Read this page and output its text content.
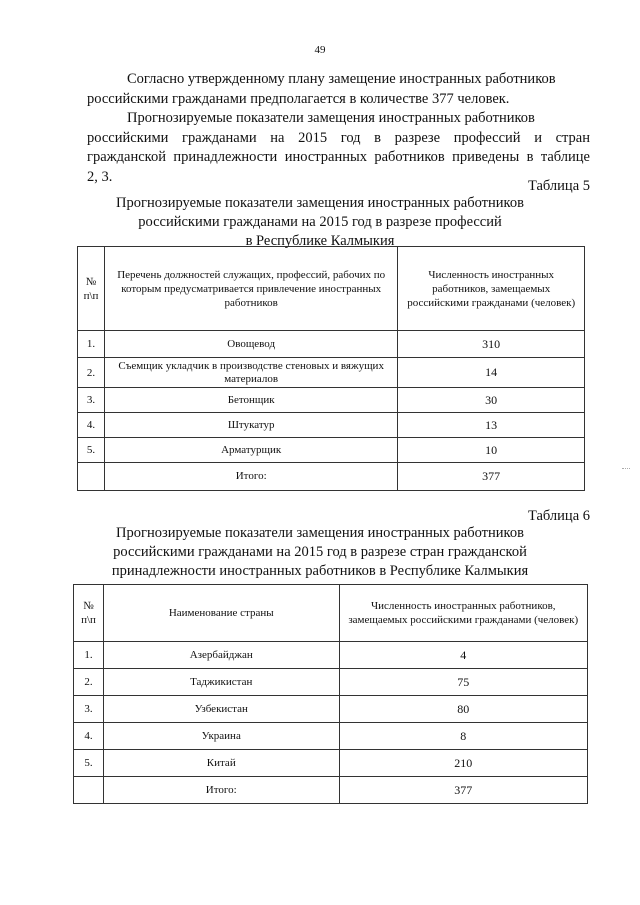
49
Согласно утвержденному плану замещение иностранных работников
российскими гражданами предполагается в количестве 377 человек.
Прогнозируемые показатели замещения иностранных работников
российскими гражданами на 2015 год в разрезе профессий и стран
гражданской принадлежности иностранных работников приведены в таблице
2, 3.
Таблица 5
Прогнозируемые показатели замещения иностранных работников
российскими гражданами на 2015 год в разрезе профессий
в Республике Калмыкия
№ п\п	Перечень должностей служащих, профессий, рабочих по которым предусматривается привлечение иностранных работников	Численность иностранных работников, замещаемых российскими гражданами (человек)
1.	Овощевод	310
2.	Съемщик укладчик в производстве стеновых и вяжущих материалов	14
3.	Бетонщик	30
4.	Штукатур	13
5.	Арматурщик	10
	Итого:	377
Таблица 6
Прогнозируемые показатели замещения иностранных работников
российскими гражданами на 2015 год в разрезе стран гражданской
принадлежности иностранных работников в Республике Калмыкия
№ п\п	Наименование страны	Численность иностранных работников, замещаемых российскими гражданами (человек)
1.	Азербайджан	4
2.	Таджикистан	75
3.	Узбекистан	80
4.	Украина	8
5.	Китай	210
	Итого:	377
